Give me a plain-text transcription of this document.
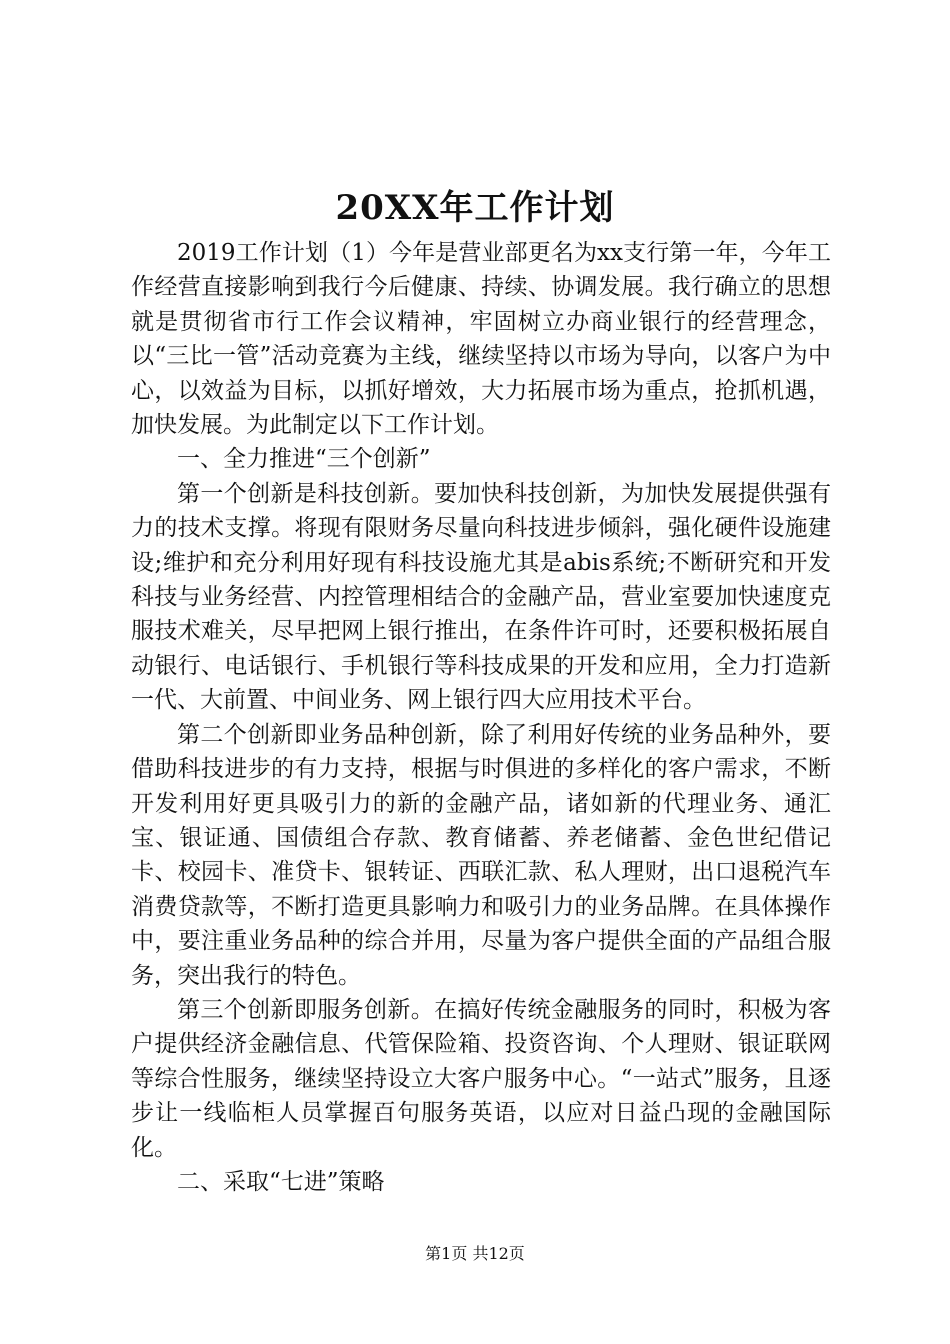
20XX年工作计划

2019工作计划（1）今年是营业部更名为xx支行第一年，今年工作经营直接影响到我行今后健康、持续、协调发展。我行确立的思想就是贯彻省市行工作会议精神，牢固树立办商业银行的经营理念，以“三比一管”活动竞赛为主线，继续坚持以市场为导向，以客户为中心，以效益为目标，以抓好增效，大力拓展市场为重点，抢抓机遇，加快发展。为此制定以下工作计划。

一、全力推进“三个创新”

第一个创新是科技创新。要加快科技创新，为加快发展提供强有力的技术支撑。将现有限财务尽量向科技进步倾斜，强化硬件设施建设;维护和充分利用好现有科技设施尤其是abis系统;不断研究和开发科技与业务经营、内控管理相结合的金融产品，营业室要加快速度克服技术难关，尽早把网上银行推出，在条件许可时，还要积极拓展自动银行、电话银行、手机银行等科技成果的开发和应用，全力打造新一代、大前置、中间业务、网上银行四大应用技术平台。

第二个创新即业务品种创新，除了利用好传统的业务品种外，要借助科技进步的有力支持，根据与时俱进的多样化的客户需求，不断开发利用好更具吸引力的新的金融产品，诸如新的代理业务、通汇宝、银证通、国债组合存款、教育储蓄、养老储蓄、金色世纪借记卡、校园卡、准贷卡、银转证、西联汇款、私人理财，出口退税汽车消费贷款等，不断打造更具影响力和吸引力的业务品牌。在具体操作中，要注重业务品种的综合并用，尽量为客户提供全面的产品组合服务，突出我行的特色。

第三个创新即服务创新。在搞好传统金融服务的同时，积极为客户提供经济金融信息、代管保险箱、投资咨询、个人理财、银证联网等综合性服务，继续坚持设立大客户服务中心。“一站式”服务，且逐步让一线临柜人员掌握百句服务英语，以应对日益凸现的金融国际化。

二、采取“七进”策略

第1页 共12页
